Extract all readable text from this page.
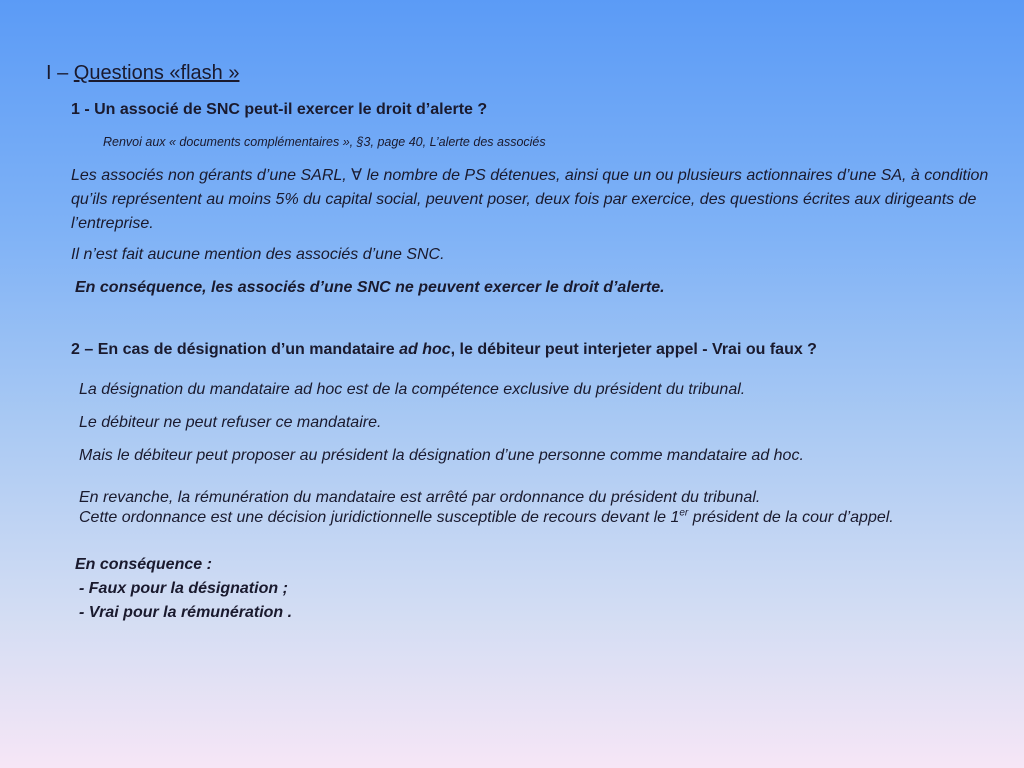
I – Questions «flash »
1 - Un associé de SNC peut-il exercer le droit d’alerte ?
Renvoi aux « documents complémentaires », §3, page 40, L’alerte des associés
Les associés non gérants d’une SARL, ∀ le nombre de PS détenues, ainsi que un ou plusieurs actionnaires d’une SA, à condition qu’ils représentent au moins 5% du capital social, peuvent poser, deux fois par exercice, des questions écrites aux dirigeants de l’entreprise.
Il n’est fait aucune mention des associés d’une SNC.
En conséquence, les associés d’une SNC ne peuvent exercer le droit d’alerte.
2 – En cas de désignation d’un mandataire ad hoc, le débiteur peut interjeter appel - Vrai ou faux ?
La désignation du mandataire ad hoc est de la compétence exclusive du président du tribunal.
Le débiteur ne peut refuser ce mandataire.
Mais le débiteur peut proposer au président la désignation d’une personne comme mandataire ad hoc.
En revanche, la rémunération du mandataire est arrêté par ordonnance du président du tribunal.
Cette ordonnance est une décision juridictionnelle susceptible de recours devant le 1er président de la cour d’appel.
En conséquence :
- Faux pour la désignation ;
- Vrai pour la rémunération .
